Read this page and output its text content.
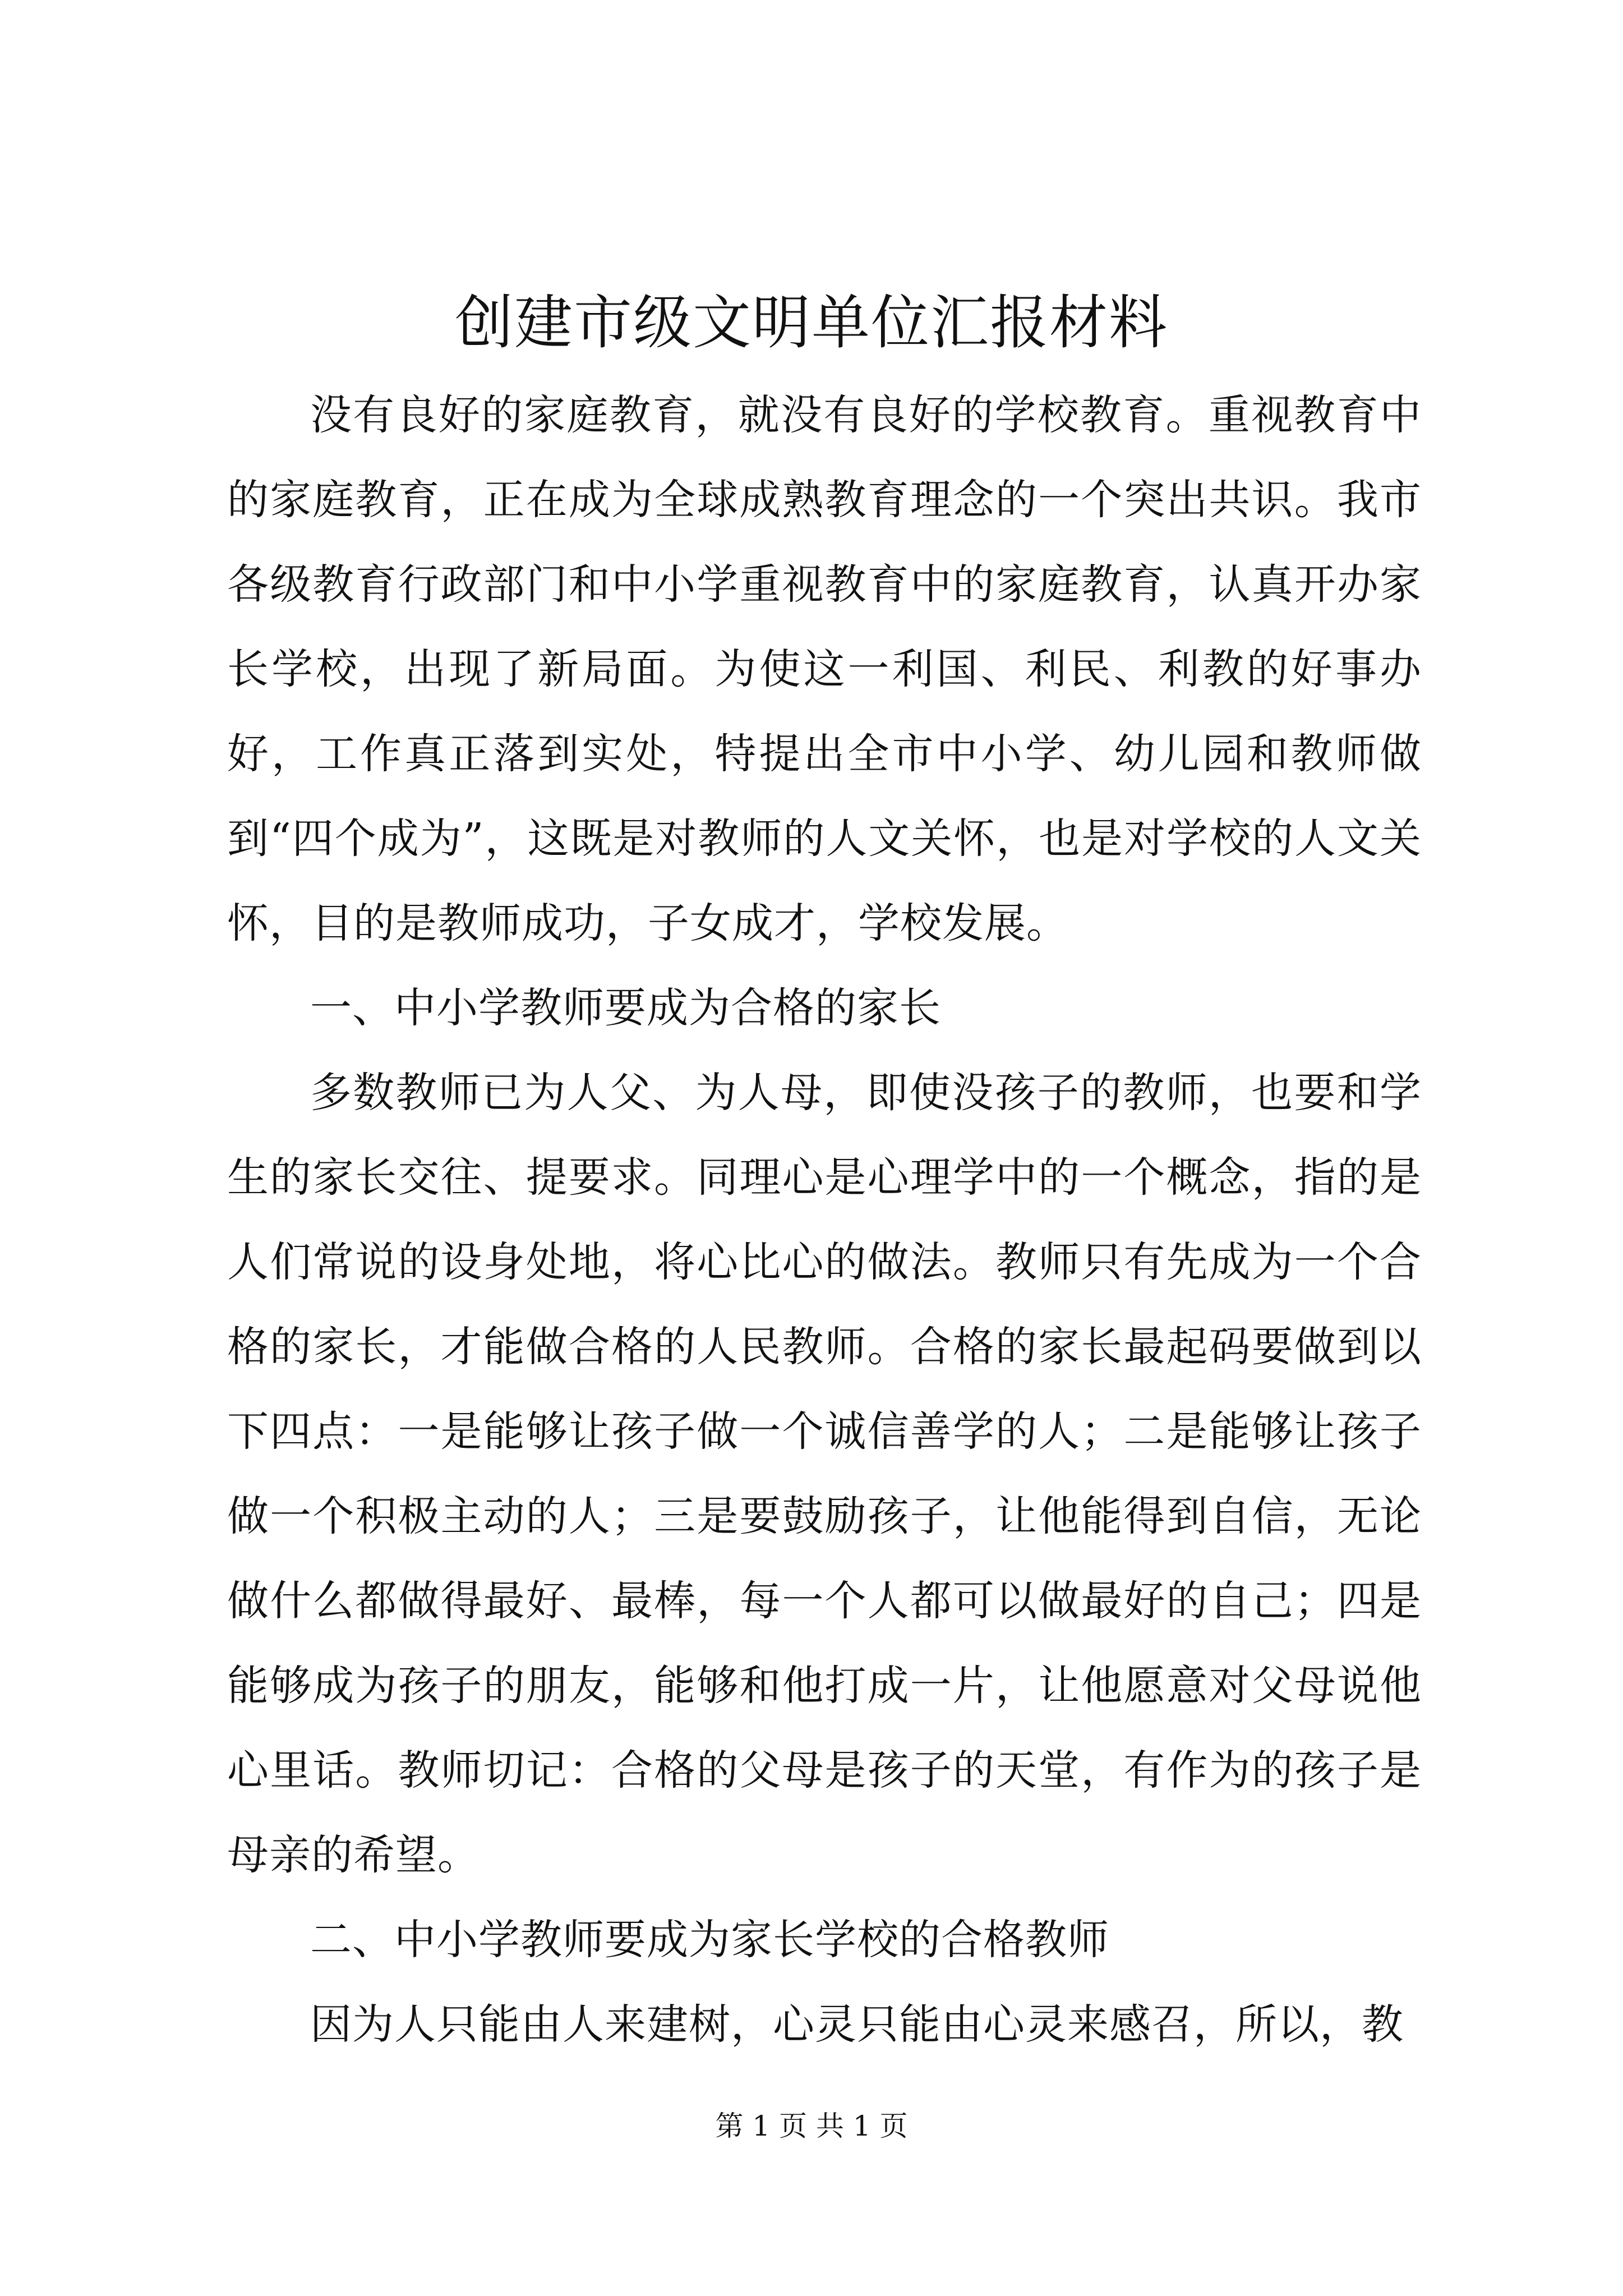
创建市级文明单位汇报材料

没有良好的家庭教育，就没有良好的学校教育。重视教育中的家庭教育，正在成为全球成熟教育理念的一个突出共识。我市各级教育行政部门和中小学重视教育中的家庭教育，认真开办家长学校，出现了新局面。为使这一利国、利民、利教的好事办好，工作真正落到实处，特提出全市中小学、幼儿园和教师做到“四个成为”，这既是对教师的人文关怀，也是对学校的人文关怀，目的是教师成功，子女成才，学校发展。

一、中小学教师要成为合格的家长

多数教师已为人父、为人母，即使没孩子的教师，也要和学生的家长交往、提要求。同理心是心理学中的一个概念，指的是人们常说的设身处地，将心比心的做法。教师只有先成为一个合格的家长，才能做合格的人民教师。合格的家长最起码要做到以下四点：一是能够让孩子做一个诚信善学的人；二是能够让孩子做一个积极主动的人；三是要鼓励孩子，让他能得到自信，无论做什么都做得最好、最棒，每一个人都可以做最好的自己；四是能够成为孩子的朋友，能够和他打成一片，让他愿意对父母说他心里话。教师切记：合格的父母是孩子的天堂，有作为的孩子是母亲的希望。

二、中小学教师要成为家长学校的合格教师

因为人只能由人来建树，心灵只能由心灵来感召，所以，教

第 1 页 共 1 页
